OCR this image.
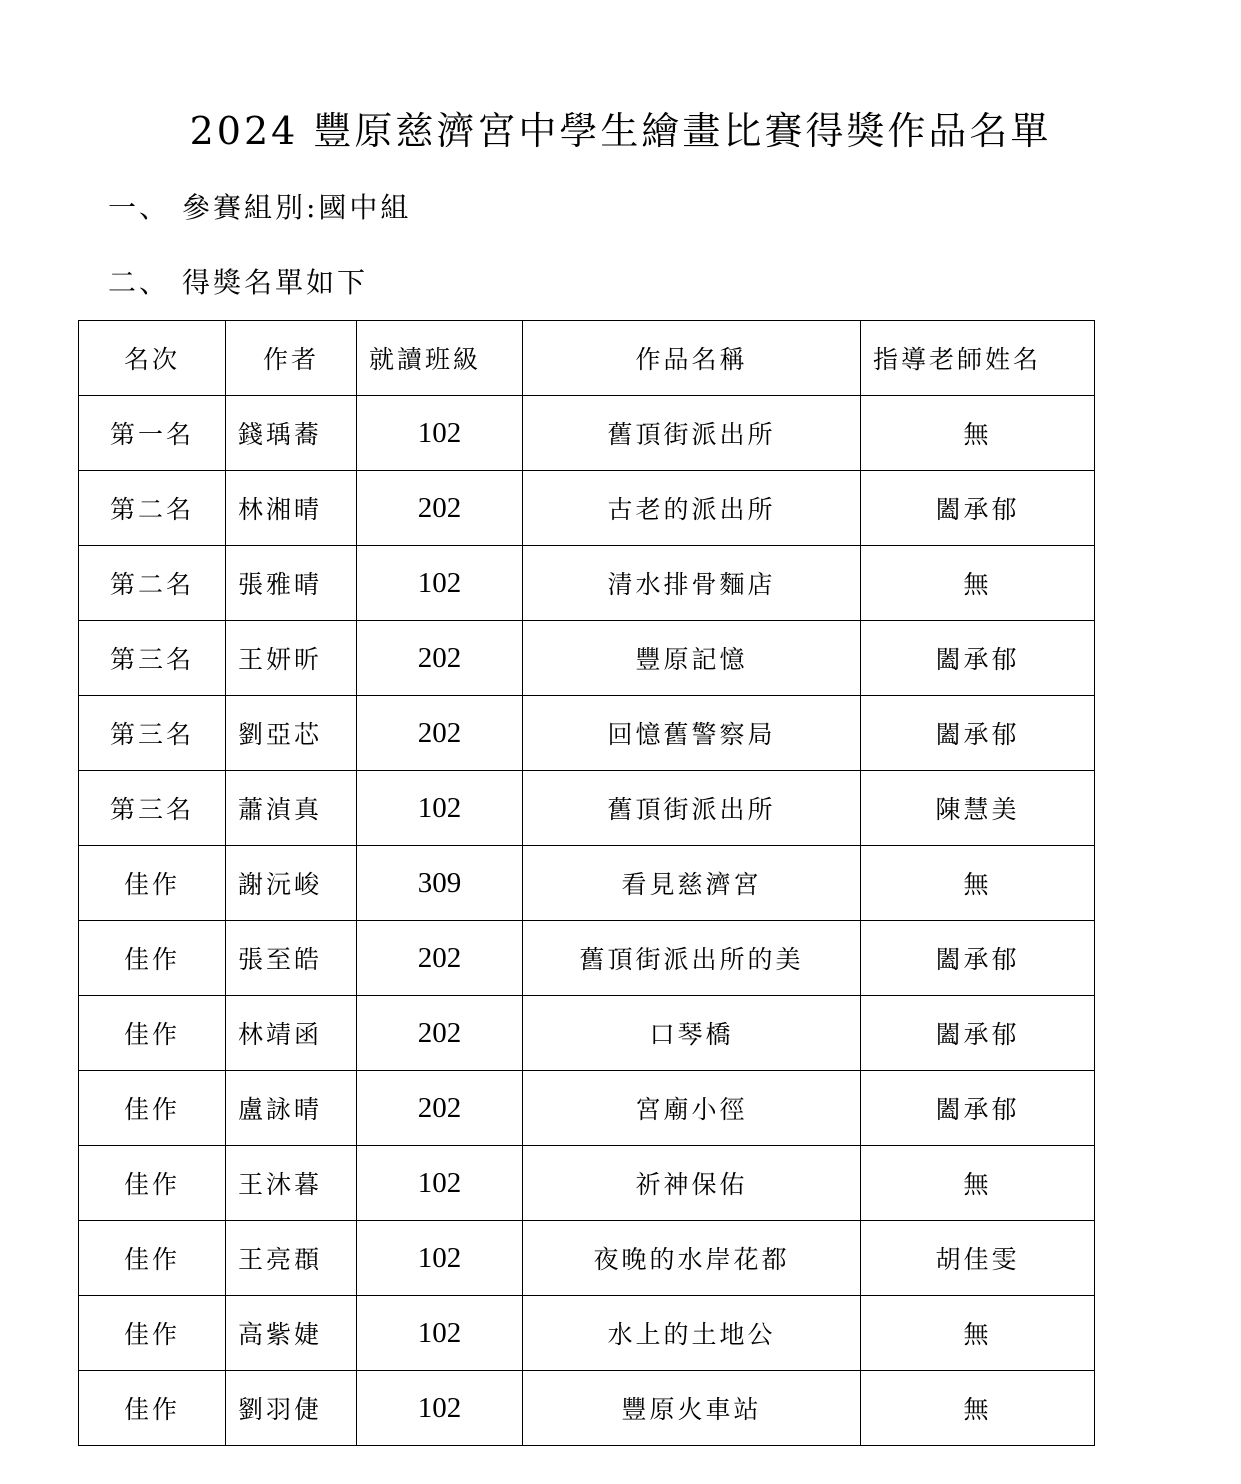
2024 豐原慈濟宮中學生繪畫比賽得獎作品名單
一、 參賽組別:國中組
二、 得獎名單如下
名次	作者	就讀班級	作品名稱	指導老師姓名
第一名	錢瑀蕎	102	舊頂街派出所	無
第二名	林湘晴	202	古老的派出所	闔承郁
第二名	張雅晴	102	清水排骨麵店	無
第三名	王妍昕	202	豐原記憶	闔承郁
第三名	劉亞芯	202	回憶舊警察局	闔承郁
第三名	蕭湞真	102	舊頂街派出所	陳慧美
佳作	謝沅峻	309	看見慈濟宮	無
佳作	張至皓	202	舊頂街派出所的美	闔承郁
佳作	林靖函	202	口琴橋	闔承郁
佳作	盧詠晴	202	宮廟小徑	闔承郁
佳作	王沐暮	102	祈神保佑	無
佳作	王亮頵	102	夜晚的水岸花都	胡佳雯
佳作	高紫婕	102	水上的土地公	無
佳作	劉羽倢	102	豐原火車站	無
